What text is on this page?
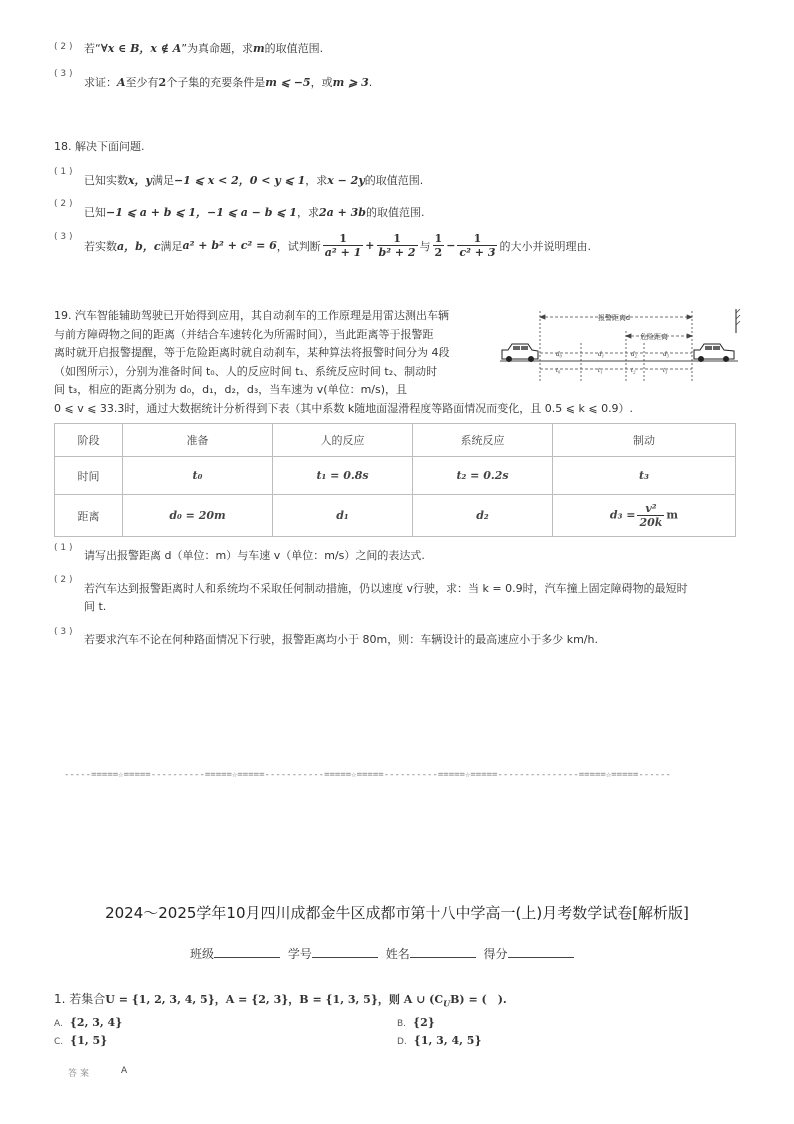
( 2 ) 若“∀x ∈ B，x ∉ A”为真命题，求m的取值范围.
( 3 )
求证：A至少有2个子集的充要条件是m ⩽ −5，或m ⩾ 3.
18. 解决下面问题.
( 1 )
已知实数x，y满足−1 ⩽ x < 2，0 < y ⩽ 1，求x − 2y的取值范围.
( 2 )
已知−1 ⩽ a + b ⩽ 1，−1 ⩽ a − b ⩽ 1，求2a + 3b的取值范围.
( 3 )
若实数 a，b，c 满足 a² + b² + c² = 6 ，试判断 $\frac{1}{\text{a² + 1}} + \frac{1}{\text{b² + 2}}$ 与 $\frac{1}{2} - \frac{1}{\text{c² + 3}}$ 的大小并说明理由.
19. 汽车智能辅助驾驶已开始得到应用，其自动刹车的工作原理是用雷达测出车辆
与前方障碍物之间的距离（并结合车速转化为所需时间），当此距离等于报警距
离时就开启报警提醒，等于危险距离时就自动刹车，某种算法将报警时间分为 4段
（如图所示），分别为准备时间 t₀、人的反应时间 t₁、系统反应时间 t₂、制动时
间 t₃，相应的距离分别为 d₀，d₁，d₂，d₃，当车速为 v(单位：m/s)，且
0 ⩽ v ⩽ 33.3时，通过大数据统计分析得到下表（其中系数 k随地面湿滑程度等路面情况而变化，且 0.5 ⩽ k ⩽ 0.9）.
报警距离d
危险距离
d₀	d₁	d₂	d₃
t₀	t₁	t₂	t₃
阶段	准备	人的反应	系统反应	制动
时间	t₀	t₁ = 0.8s	t₂ = 0.2s	t₃
距离	d₀ = 20m	d₁	d₂	$d_3 = \frac{\text{v²}}{20k}$ m
( 1 )
请写出报警距离 d（单位：m）与车速 v（单位：m/s）之间的表达式.
( 2 )
若汽车达到报警距离时人和系统均不采取任何制动措施，仍以速度 v行驶，求：当 k = 0.9时，汽车撞上固定障碍物的最短时
间 t.
( 3 )
若要求汽车不论在何种路面情况下行驶，报警距离均小于 80m，则：车辆设计的最高速应小于多少 km/h.
-----=====☆=====----------=====☆=====-----------=====☆=====----------=====☆=====---------------=====☆=====------
2024～2025学年10月四川成都金牛区成都市第十八中学高一(上)月考数学试卷[解析版]
班级	学号	姓名	得分
1. 若集合U = {1, 2, 3, 4, 5}，A = {2, 3}，B = {1, 3, 5}，则 A ∪ $(C_UB)$ = (　).
A. {2, 3, 4}	B. {2}
C. {1, 5}	D. {1, 3, 4, 5}
答案	A
